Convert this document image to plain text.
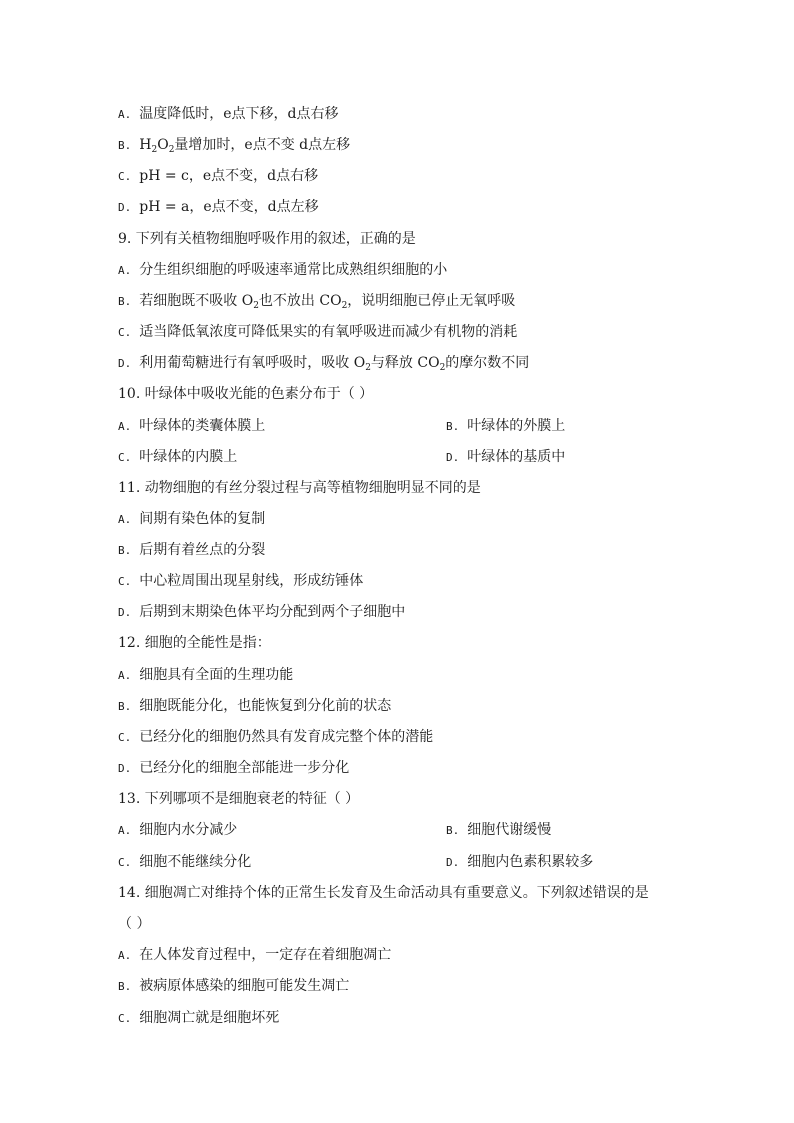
A. 温度降低时，e点下移，d点右移
B. $H_2O_2$量增加时，e点不变 d点左移
C. pH = c，e点不变，d点右移
D. pH = a，e点不变，d点左移
9. 下列有关植物细胞呼吸作用的叙述，正确的是
A. 分生组织细胞的呼吸速率通常比成熟组织细胞的小
B. 若细胞既不吸收 $O_2$也不放出 $CO_2$，说明细胞已停止无氧呼吸
C. 适当降低氧浓度可降低果实的有氧呼吸进而减少有机物的消耗
D. 利用葡萄糖进行有氧呼吸时，吸收 $O_2$与释放 $CO_2$的摩尔数不同
10. 叶绿体中吸收光能的色素分布于（ ）
A. 叶绿体的类囊体膜上	B. 叶绿体的外膜上
C. 叶绿体的内膜上	D. 叶绿体的基质中
11. 动物细胞的有丝分裂过程与高等植物细胞明显不同的是
A. 间期有染色体的复制
B. 后期有着丝点的分裂
C. 中心粒周围出现星射线，形成纺锤体
D. 后期到末期染色体平均分配到两个子细胞中
12. 细胞的全能性是指：
A. 细胞具有全面的生理功能
B. 细胞既能分化，也能恢复到分化前的状态
C. 已经分化的细胞仍然具有发育成完整个体的潜能
D. 已经分化的细胞全部能进一步分化
13. 下列哪项不是细胞衰老的特征（ ）
A. 细胞内水分减少	B. 细胞代谢缓慢
C. 细胞不能继续分化	D. 细胞内色素积累较多
14. 细胞凋亡对维持个体的正常生长发育及生命活动具有重要意义。下列叙述错误的是
（ ）
A. 在人体发育过程中，一定存在着细胞凋亡
B. 被病原体感染的细胞可能发生凋亡
C. 细胞凋亡就是细胞坏死
